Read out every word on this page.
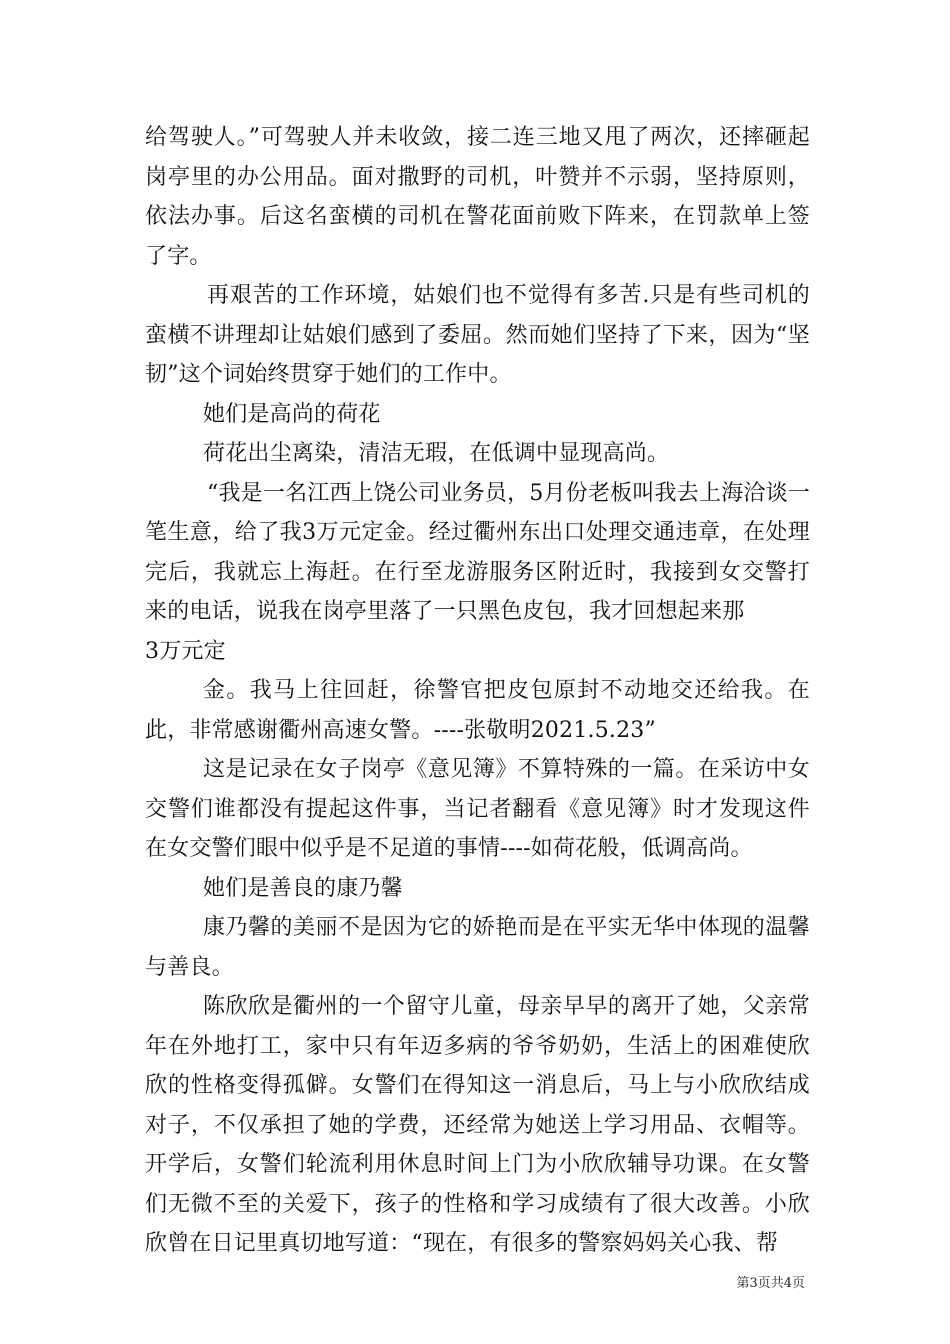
给驾驶人。”可驾驶人并未收敛，接二连三地又甩了两次，还摔砸起岗亭里的办公用品。面对撒野的司机，叶赞并不示弱，坚持原则，依法办事。后这名蛮横的司机在警花面前败下阵来，在罚款单上签了字。

再艰苦的工作环境，姑娘们也不觉得有多苦.只是有些司机的蛮横不讲理却让姑娘们感到了委屈。然而她们坚持了下来，因为“坚韧”这个词始终贯穿于她们的工作中。

她们是高尚的荷花

荷花出尘离染，清洁无瑕，在低调中显现高尚。

“我是一名江西上饶公司业务员，5月份老板叫我去上海洽谈一笔生意，给了我3万元定金。经过衢州东出口处理交通违章，在处理完后，我就忘上海赶。在行至龙游服务区附近时，我接到女交警打来的电话，说我在岗亭里落了一只黑色皮包，我才回想起来那

3万元定

金。我马上往回赶，徐警官把皮包原封不动地交还给我。在此，非常感谢衢州高速女警。----张敬明2021.5.23”

这是记录在女子岗亭《意见簿》不算特殊的一篇。在采访中女交警们谁都没有提起这件事，当记者翻看《意见簿》时才发现这件在女交警们眼中似乎是不足道的事情----如荷花般，低调高尚。

她们是善良的康乃馨

康乃馨的美丽不是因为它的娇艳而是在平实无华中体现的温馨与善良。

陈欣欣是衢州的一个留守儿童，母亲早早的离开了她，父亲常年在外地打工，家中只有年迈多病的爷爷奶奶，生活上的困难使欣欣的性格变得孤僻。女警们在得知这一消息后，马上与小欣欣结成对子，不仅承担了她的学费，还经常为她送上学习用品、衣帽等。开学后，女警们轮流利用休息时间上门为小欣欣辅导功课。在女警们无微不至的关爱下，孩子的性格和学习成绩有了很大改善。小欣欣曾在日记里真切地写道：“现在，有很多的警察妈妈关心我、帮

第3页共4页
